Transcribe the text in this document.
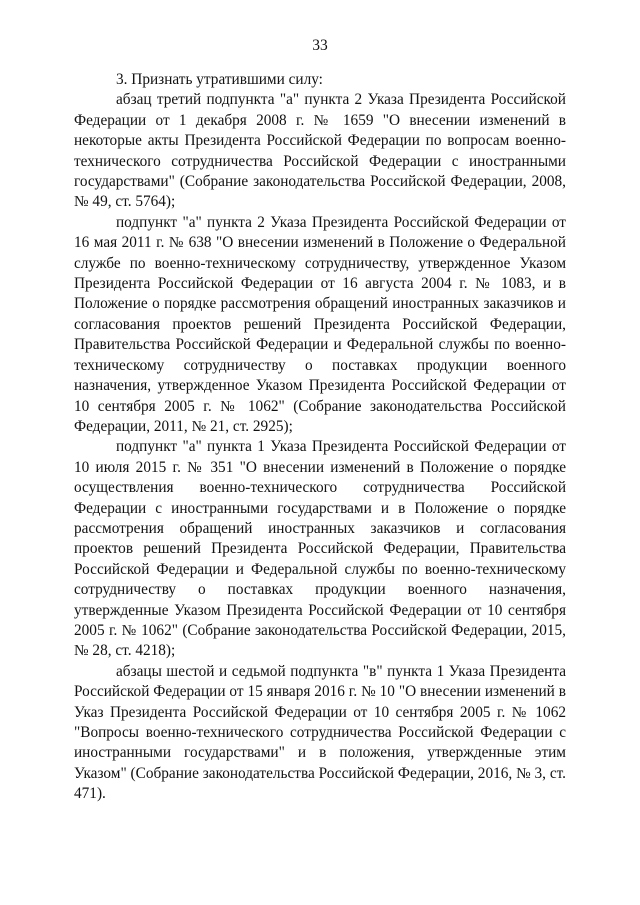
33

3. Признать утратившими силу:

абзац третий подпункта "а" пункта 2 Указа Президента Российской Федерации от 1 декабря 2008 г. № 1659 "О внесении изменений в некоторые акты Президента Российской Федерации по вопросам военно-технического сотрудничества Российской Федерации с иностранными государствами" (Собрание законодательства Российской Федерации, 2008, № 49, ст. 5764);

подпункт "а" пункта 2 Указа Президента Российской Федерации от 16 мая 2011 г. № 638 "О внесении изменений в Положение о Федеральной службе по военно-техническому сотрудничеству, утвержденное Указом Президента Российской Федерации от 16 августа 2004 г. № 1083, и в Положение о порядке рассмотрения обращений иностранных заказчиков и согласования проектов решений Президента Российской Федерации, Правительства Российской Федерации и Федеральной службы по военно-техническому сотрудничеству о поставках продукции военного назначения, утвержденное Указом Президента Российской Федерации от 10 сентября 2005 г. № 1062" (Собрание законодательства Российской Федерации, 2011, № 21, ст. 2925);

подпункт "а" пункта 1 Указа Президента Российской Федерации от 10 июля 2015 г. № 351 "О внесении изменений в Положение о порядке осуществления военно-технического сотрудничества Российской Федерации с иностранными государствами и в Положение о порядке рассмотрения обращений иностранных заказчиков и согласования проектов решений Президента Российской Федерации, Правительства Российской Федерации и Федеральной службы по военно-техническому сотрудничеству о поставках продукции военного назначения, утвержденные Указом Президента Российской Федерации от 10 сентября 2005 г. № 1062" (Собрание законодательства Российской Федерации, 2015, № 28, ст. 4218);

абзацы шестой и седьмой подпункта "в" пункта 1 Указа Президента Российской Федерации от 15 января 2016 г. № 10 "О внесении изменений в Указ Президента Российской Федерации от 10 сентября 2005 г. № 1062 "Вопросы военно-технического сотрудничества Российской Федерации с иностранными государствами" и в положения, утвержденные этим Указом" (Собрание законодательства Российской Федерации, 2016, № 3, ст. 471).
